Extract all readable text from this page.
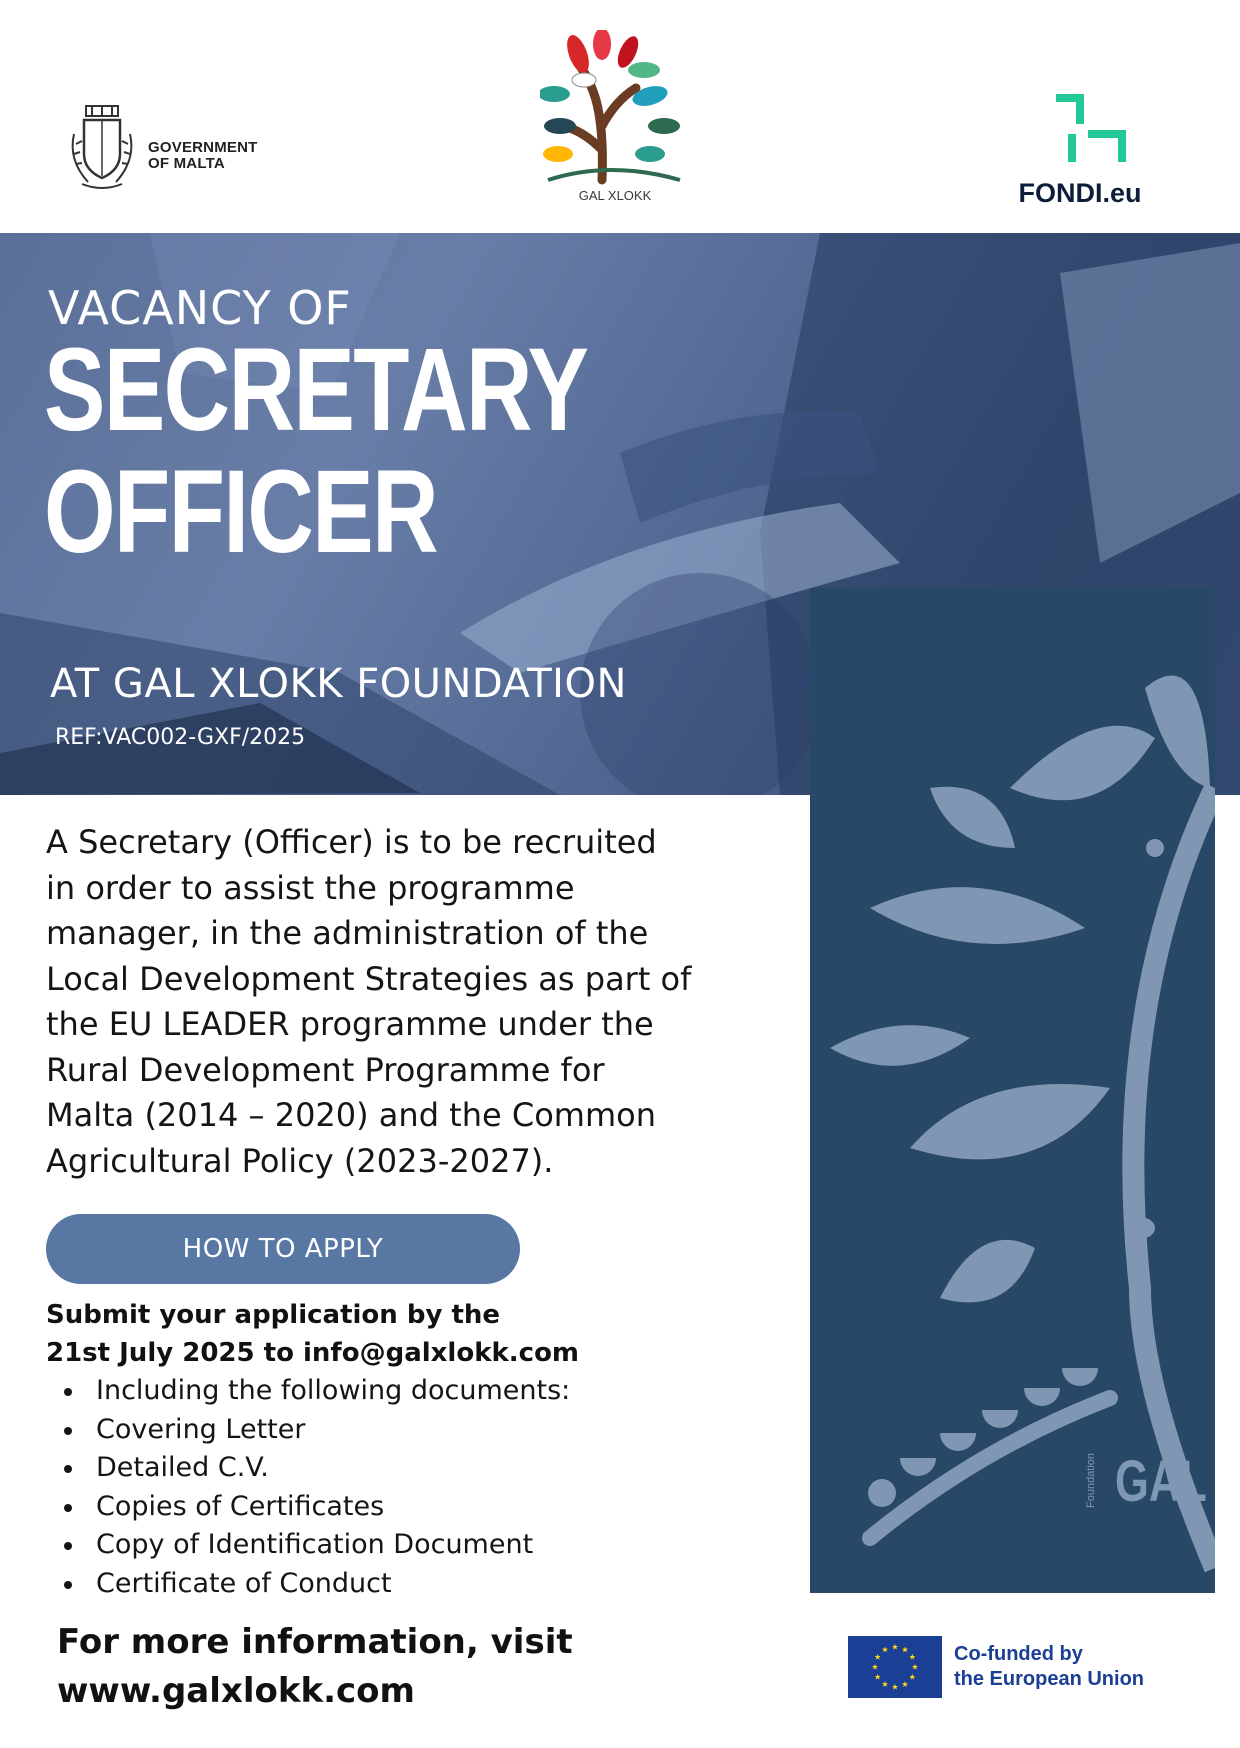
GOVERNMENT
OF MALTA
GAL XLOKK	FONDI.eu
VACANCY OF
SECRETARY
OFFICER
AT GAL XLOKK FOUNDATION
REF:VAC002-GXF/2025
Foundation GAL
A Secretary (Officer) is to be recruited
in order to assist the programme
manager, in the administration of the
Local Development Strategies as part of
the EU LEADER programme under the
Rural Development Programme for
Malta (2014 – 2020) and the Common
Agricultural Policy (2023-2027).
HOW TO APPLY
Submit your application by the
21st July 2025 to info@galxlokk.com
Including the following documents:
Covering Letter
Detailed C.V.
Copies of Certificates
Copy of Identification Document
Certificate of Conduct
For more information, visit
www.galxlokk.com
Co-funded by
the European Union
